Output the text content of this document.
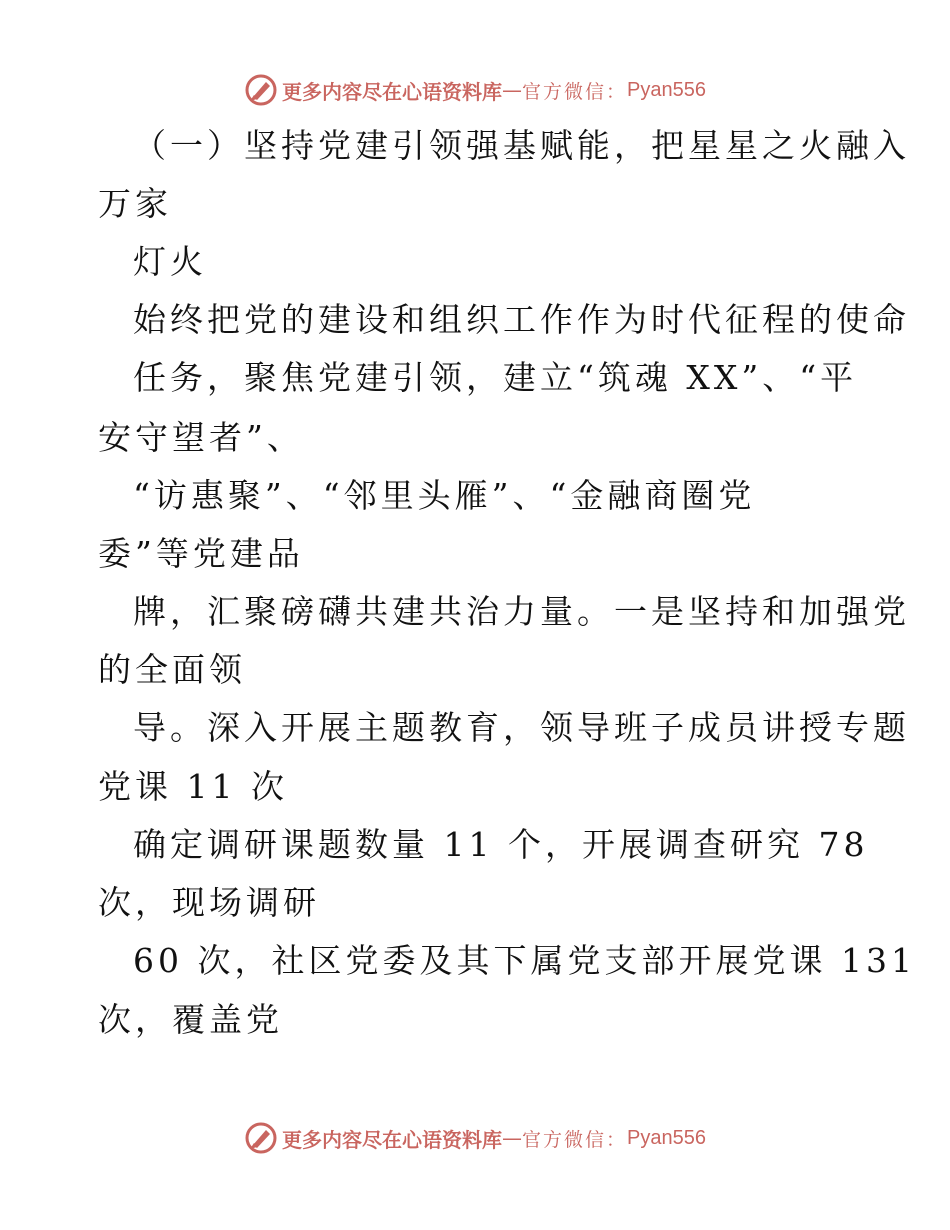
更多内容尽在心语资料库 — 官方微信： Pyan556
（一）坚持党建引领强基赋能，把星星之火融入
万家
灯火
始终把党的建设和组织工作作为时代征程的使命
任务，聚焦党建引领，建立“筑魂 XX”、“平
安守望者”、
“访惠聚”、“邻里头雁”、“金融商圈党
委”等党建品
牌，汇聚磅礴共建共治力量。一是坚持和加强党
的全面领
导。深入开展主题教育，领导班子成员讲授专题
党课 11 次
确定调研课题数量 11 个，开展调查研究 78
次，现场调研
60 次，社区党委及其下属党支部开展党课 131
次，覆盖党
更多内容尽在心语资料库 — 官方微信： Pyan556
